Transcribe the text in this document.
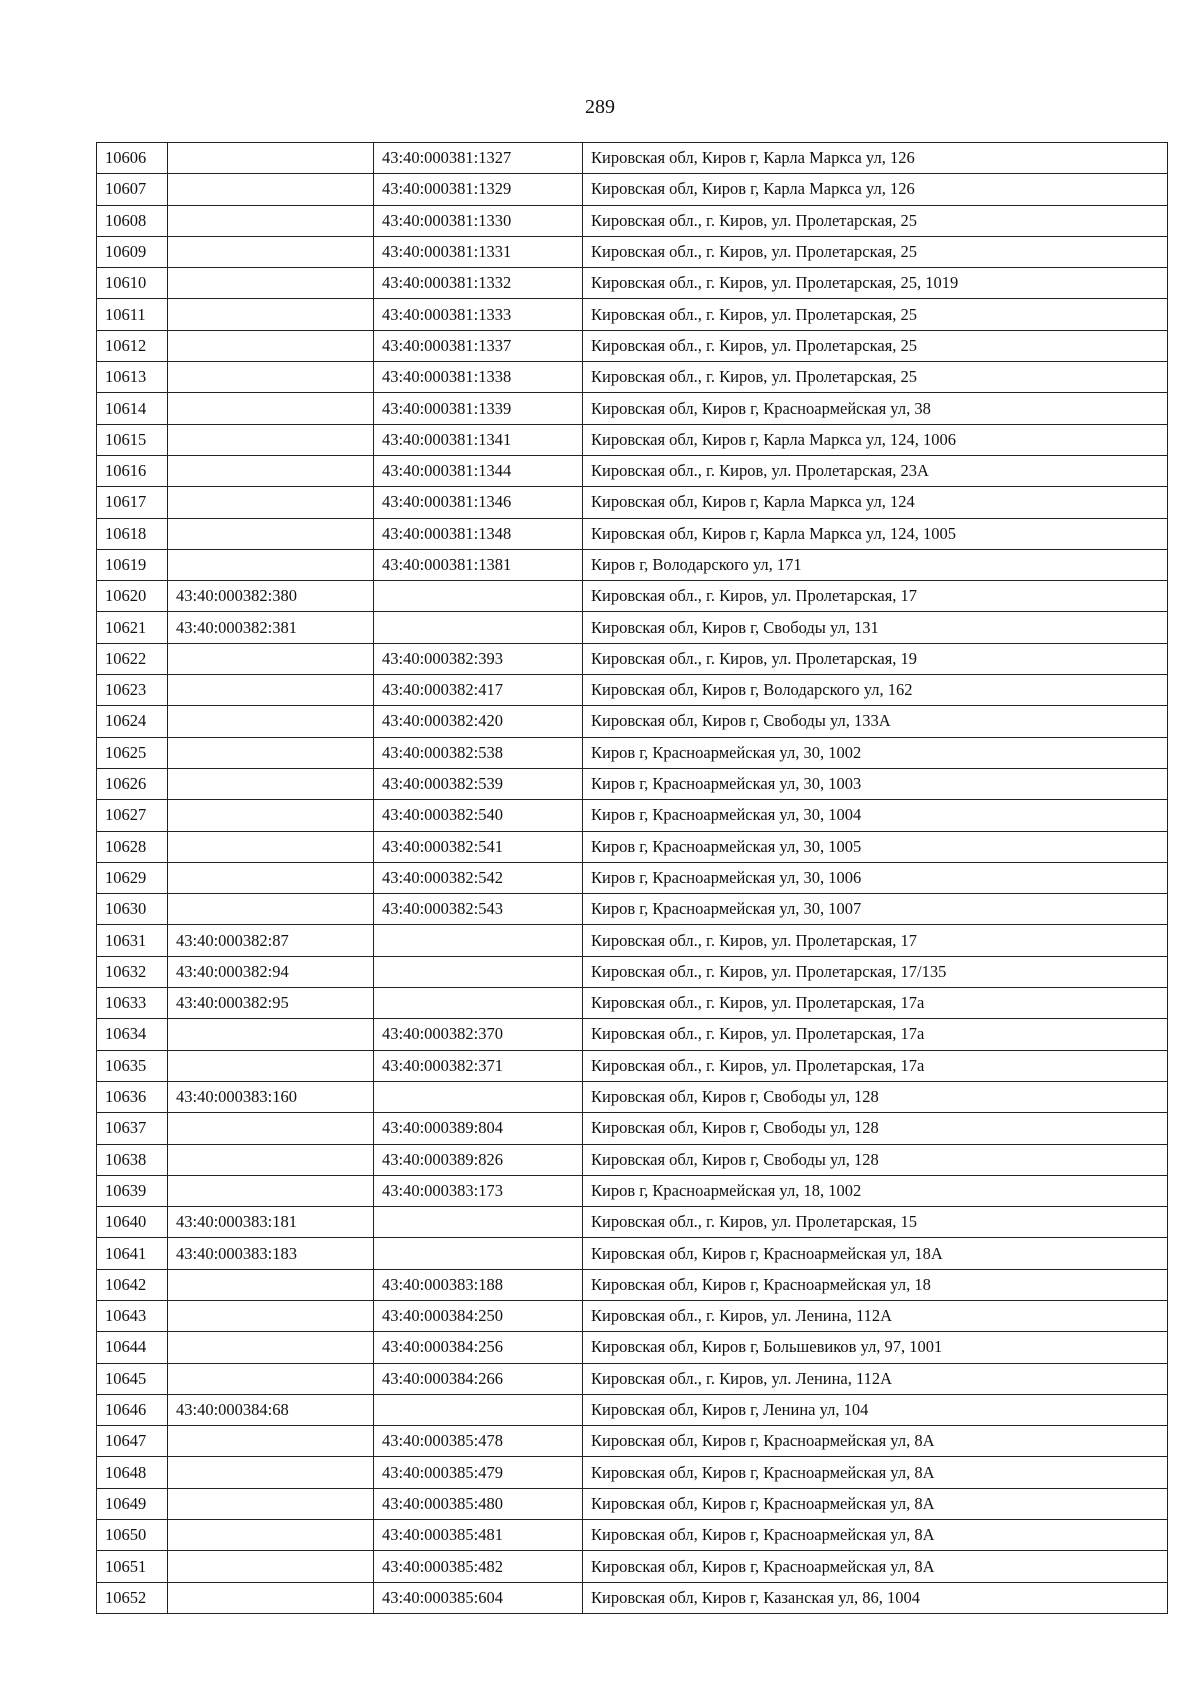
289
10606		43:40:000381:1327	Кировская обл, Киров г, Карла Маркса ул, 126
10607		43:40:000381:1329	Кировская обл, Киров г, Карла Маркса ул, 126
10608		43:40:000381:1330	Кировская обл., г. Киров, ул. Пролетарская, 25
10609		43:40:000381:1331	Кировская обл., г. Киров, ул. Пролетарская, 25
10610		43:40:000381:1332	Кировская обл., г. Киров, ул. Пролетарская, 25, 1019
10611		43:40:000381:1333	Кировская обл., г. Киров, ул. Пролетарская, 25
10612		43:40:000381:1337	Кировская обл., г. Киров, ул. Пролетарская, 25
10613		43:40:000381:1338	Кировская обл., г. Киров, ул. Пролетарская, 25
10614		43:40:000381:1339	Кировская обл, Киров г, Красноармейская ул, 38
10615		43:40:000381:1341	Кировская обл, Киров г, Карла Маркса ул, 124, 1006
10616		43:40:000381:1344	Кировская обл., г. Киров, ул. Пролетарская, 23А
10617		43:40:000381:1346	Кировская обл, Киров г, Карла Маркса ул, 124
10618		43:40:000381:1348	Кировская обл, Киров г, Карла Маркса ул, 124, 1005
10619		43:40:000381:1381	Киров г, Володарского ул, 171
10620	43:40:000382:380		Кировская обл., г. Киров, ул. Пролетарская, 17
10621	43:40:000382:381		Кировская обл, Киров г, Свободы ул, 131
10622		43:40:000382:393	Кировская обл., г. Киров, ул. Пролетарская, 19
10623		43:40:000382:417	Кировская обл, Киров г, Володарского ул, 162
10624		43:40:000382:420	Кировская обл, Киров г, Свободы ул, 133А
10625		43:40:000382:538	Киров г, Красноармейская ул, 30, 1002
10626		43:40:000382:539	Киров г, Красноармейская ул, 30, 1003
10627		43:40:000382:540	Киров г, Красноармейская ул, 30, 1004
10628		43:40:000382:541	Киров г, Красноармейская ул, 30, 1005
10629		43:40:000382:542	Киров г, Красноармейская ул, 30, 1006
10630		43:40:000382:543	Киров г, Красноармейская ул, 30, 1007
10631	43:40:000382:87		Кировская обл., г. Киров, ул. Пролетарская, 17
10632	43:40:000382:94		Кировская обл., г. Киров, ул. Пролетарская, 17/135
10633	43:40:000382:95		Кировская обл., г. Киров, ул. Пролетарская, 17а
10634		43:40:000382:370	Кировская обл., г. Киров, ул. Пролетарская, 17а
10635		43:40:000382:371	Кировская обл., г. Киров, ул. Пролетарская, 17а
10636	43:40:000383:160		Кировская обл, Киров г, Свободы ул, 128
10637		43:40:000389:804	Кировская обл, Киров г, Свободы ул, 128
10638		43:40:000389:826	Кировская обл, Киров г, Свободы ул, 128
10639		43:40:000383:173	Киров г, Красноармейская ул, 18, 1002
10640	43:40:000383:181		Кировская обл., г. Киров, ул. Пролетарская, 15
10641	43:40:000383:183		Кировская обл, Киров г, Красноармейская ул, 18А
10642		43:40:000383:188	Кировская обл, Киров г, Красноармейская ул, 18
10643		43:40:000384:250	Кировская обл., г. Киров, ул. Ленина, 112А
10644		43:40:000384:256	Кировская обл, Киров г, Большевиков ул, 97, 1001
10645		43:40:000384:266	Кировская обл., г. Киров, ул. Ленина, 112А
10646	43:40:000384:68		Кировская обл, Киров г, Ленина ул, 104
10647		43:40:000385:478	Кировская обл, Киров г, Красноармейская ул, 8А
10648		43:40:000385:479	Кировская обл, Киров г, Красноармейская ул, 8А
10649		43:40:000385:480	Кировская обл, Киров г, Красноармейская ул, 8А
10650		43:40:000385:481	Кировская обл, Киров г, Красноармейская ул, 8А
10651		43:40:000385:482	Кировская обл, Киров г, Красноармейская ул, 8А
10652		43:40:000385:604	Кировская обл, Киров г, Казанская ул, 86, 1004
